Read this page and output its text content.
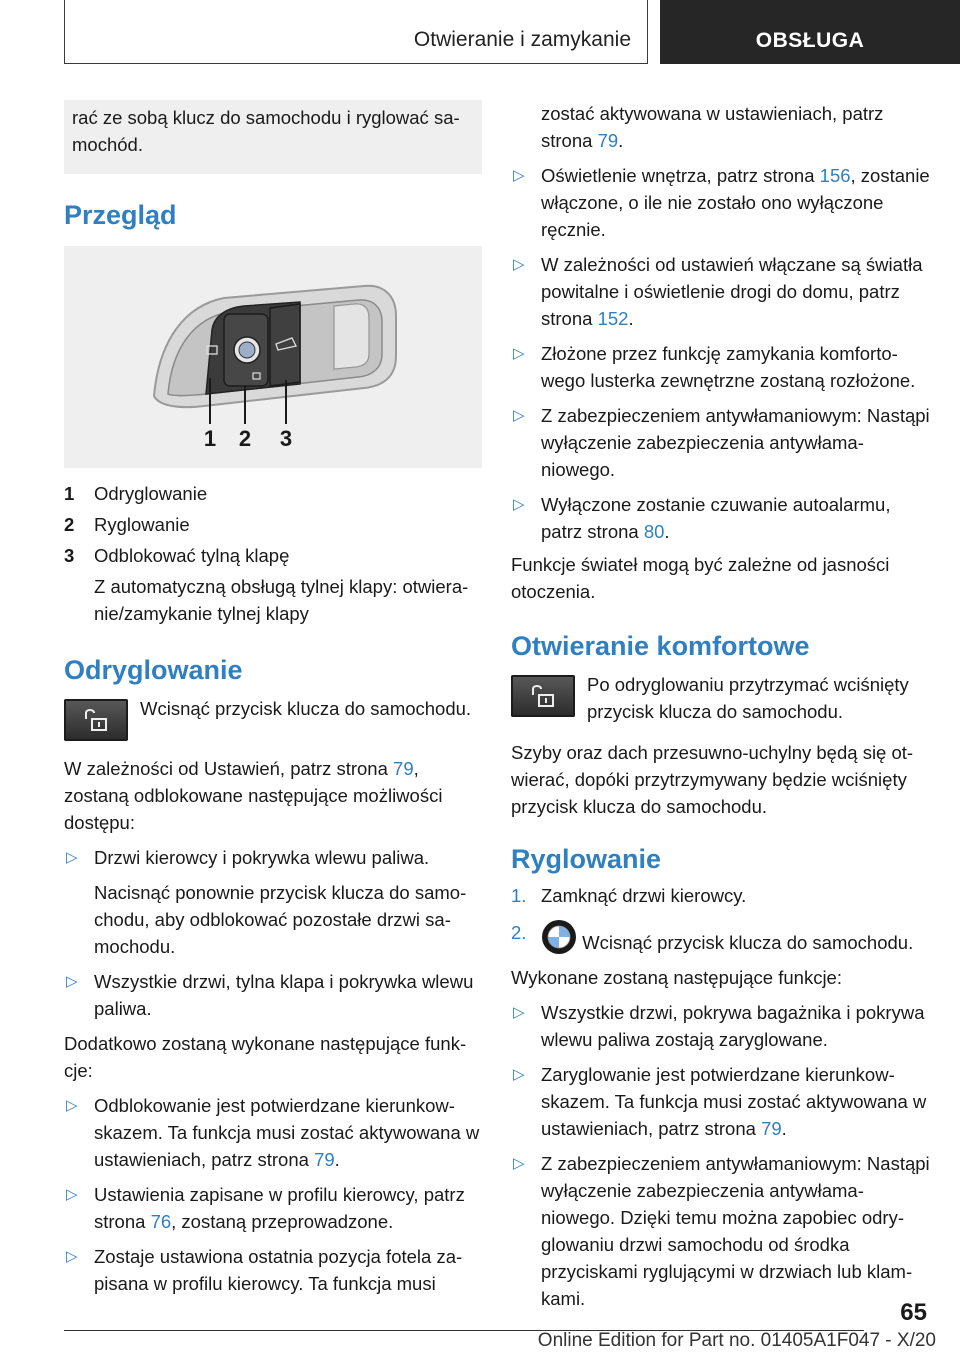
Otwieranie i zamykanie	OBSŁUGA

rać ze sobą klucz do samochodu i ryglować samochód.

Przegląd
1 2 3
1	Odryglowanie
2	Ryglowanie
3	Odblokować tylną klapę

Z automatyczną obsługą tylnej klapy: otwieranie/zamykanie tylnej klapy

Odryglowanie

Wcisnąć przycisk klucza do samochodu.

W zależności od Ustawień, patrz strona 79, zostaną odblokowane następujące możliwości dostępu:

▷ Drzwi kierowcy i pokrywka wlewu paliwa.

Nacisnąć ponownie przycisk klucza do samochodu, aby odblokować pozostałe drzwi samochodu.

▷ Wszystkie drzwi, tylna klapa i pokrywka wlewu paliwa.

Dodatkowo zostaną wykonane następujące funkcje:

▷ Odblokowanie jest potwierdzane kierunkowskazem. Ta funkcja musi zostać aktywowana w ustawieniach, patrz strona 79.

▷ Ustawienia zapisane w profilu kierowcy, patrz strona 76, zostaną przeprowadzone.

▷ Zostaje ustawiona ostatnia pozycja fotela zapisana w profilu kierowcy. Ta funkcja musi

zostać aktywowana w ustawieniach, patrz strona 79.

▷ Oświetlenie wnętrza, patrz strona 156, zostanie włączone, o ile nie zostało ono wyłączone ręcznie.

▷ W zależności od ustawień włączane są światła powitalne i oświetlenie drogi do domu, patrz strona 152.

▷ Złożone przez funkcję zamykania komfortowego lusterka zewnętrzne zostaną rozłożone.

▷ Z zabezpieczeniem antywłamaniowym: Nastąpi wyłączenie zabezpieczenia antywłamaniowego.

▷ Wyłączone zostanie czuwanie autoalarmu, patrz strona 80.

Funkcje świateł mogą być zależne od jasności otoczenia.

Otwieranie komfortowe

Po odryglowaniu przytrzymać wciśnięty przycisk klucza do samochodu.

Szyby oraz dach przesuwno-uchylny będą się otwierać, dopóki przytrzymywany będzie wciśnięty przycisk klucza do samochodu.

Ryglowanie
1. Zamknąć drzwi kierowcy.

2.	Wcisnąć przycisk klucza do samochodu.

Wykonane zostaną następujące funkcje:

▷ Wszystkie drzwi, pokrywa bagażnika i pokrywa wlewu paliwa zostają zaryglowane.

▷ Zaryglowanie jest potwierdzane kierunkowskazem. Ta funkcja musi zostać aktywowana w ustawieniach, patrz strona 79.

▷ Z zabezpieczeniem antywłamaniowym: Nastąpi wyłączenie zabezpieczenia antywłamaniowego. Dzięki temu można zapobiec odryglowaniu drzwi samochodu od środka przyciskami ryglującymi w drzwiach lub klamkami.

65
Online Edition for Part no. 01405A1F047 - X/20
